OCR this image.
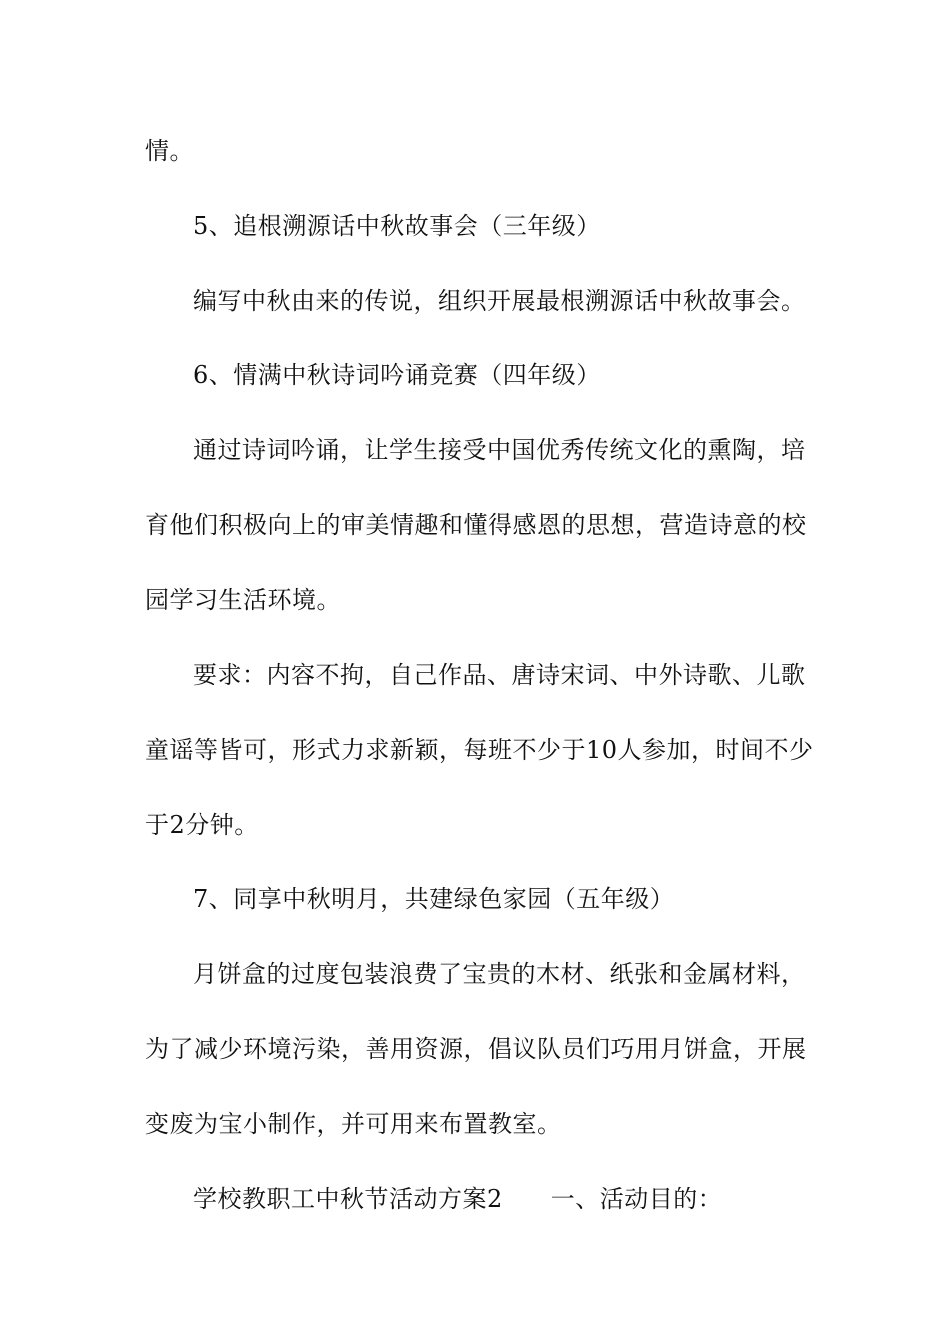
情。
5、追根溯源话中秋故事会（三年级）
编写中秋由来的传说，组织开展最根溯源话中秋故事会。
6、情满中秋诗词吟诵竞赛（四年级）
通过诗词吟诵，让学生接受中国优秀传统文化的熏陶，培
育他们积极向上的审美情趣和懂得感恩的思想，营造诗意的校
园学习生活环境。
要求：内容不拘，自己作品、唐诗宋词、中外诗歌、儿歌
童谣等皆可，形式力求新颖，每班不少于10人参加，时间不少
于2分钟。
7、同享中秋明月，共建绿色家园（五年级）
月饼盒的过度包装浪费了宝贵的木材、纸张和金属材料，
为了减少环境污染，善用资源，倡议队员们巧用月饼盒，开展
变废为宝小制作，并可用来布置教室。
学校教职工中秋节活动方案2 一、活动目的：
